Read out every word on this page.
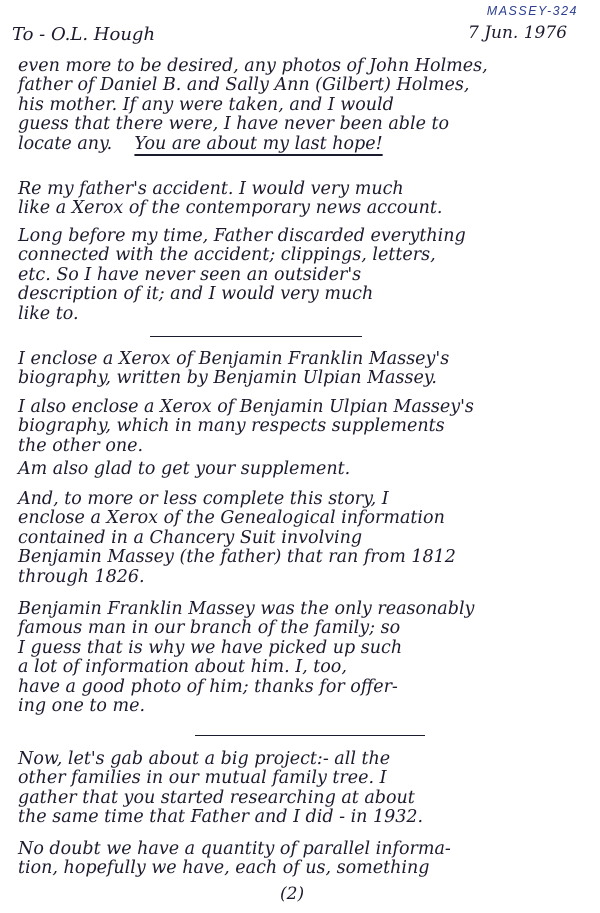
MASSEY-324
To - O.L. Hough	7 Jun. 1976
even more to be desired, any photos of John Holmes,
father of Daniel B. and Sally Ann (Gilbert) Holmes,
his mother. If any were taken, and I would
guess that there were, I have never been able to
locate any. You are about my last hope!
Re my father's accident. I would very much
like a Xerox of the contemporary news account.
Long before my time, Father discarded everything
connected with the accident; clippings, letters,
etc. So I have never seen an outsider's
description of it; and I would very much
like to.
I enclose a Xerox of Benjamin Franklin Massey's
biography, written by Benjamin Ulpian Massey.
I also enclose a Xerox of Benjamin Ulpian Massey's
biography, which in many respects supplements
the other one.
Am also glad to get your supplement.
And, to more or less complete this story, I
enclose a Xerox of the Genealogical information
contained in a Chancery Suit involving
Benjamin Massey (the father) that ran from 1812
through 1826.
Benjamin Franklin Massey was the only reasonably
famous man in our branch of the family; so
I guess that is why we have picked up such
a lot of information about him. I, too,
have a good photo of him; thanks for offer-
ing one to me.
Now, let's gab about a big project:- all the
other families in our mutual family tree. I
gather that you started researching at about
the same time that Father and I did - in 1932.
No doubt we have a quantity of parallel informa-
tion, hopefully we have, each of us, something
(2)
